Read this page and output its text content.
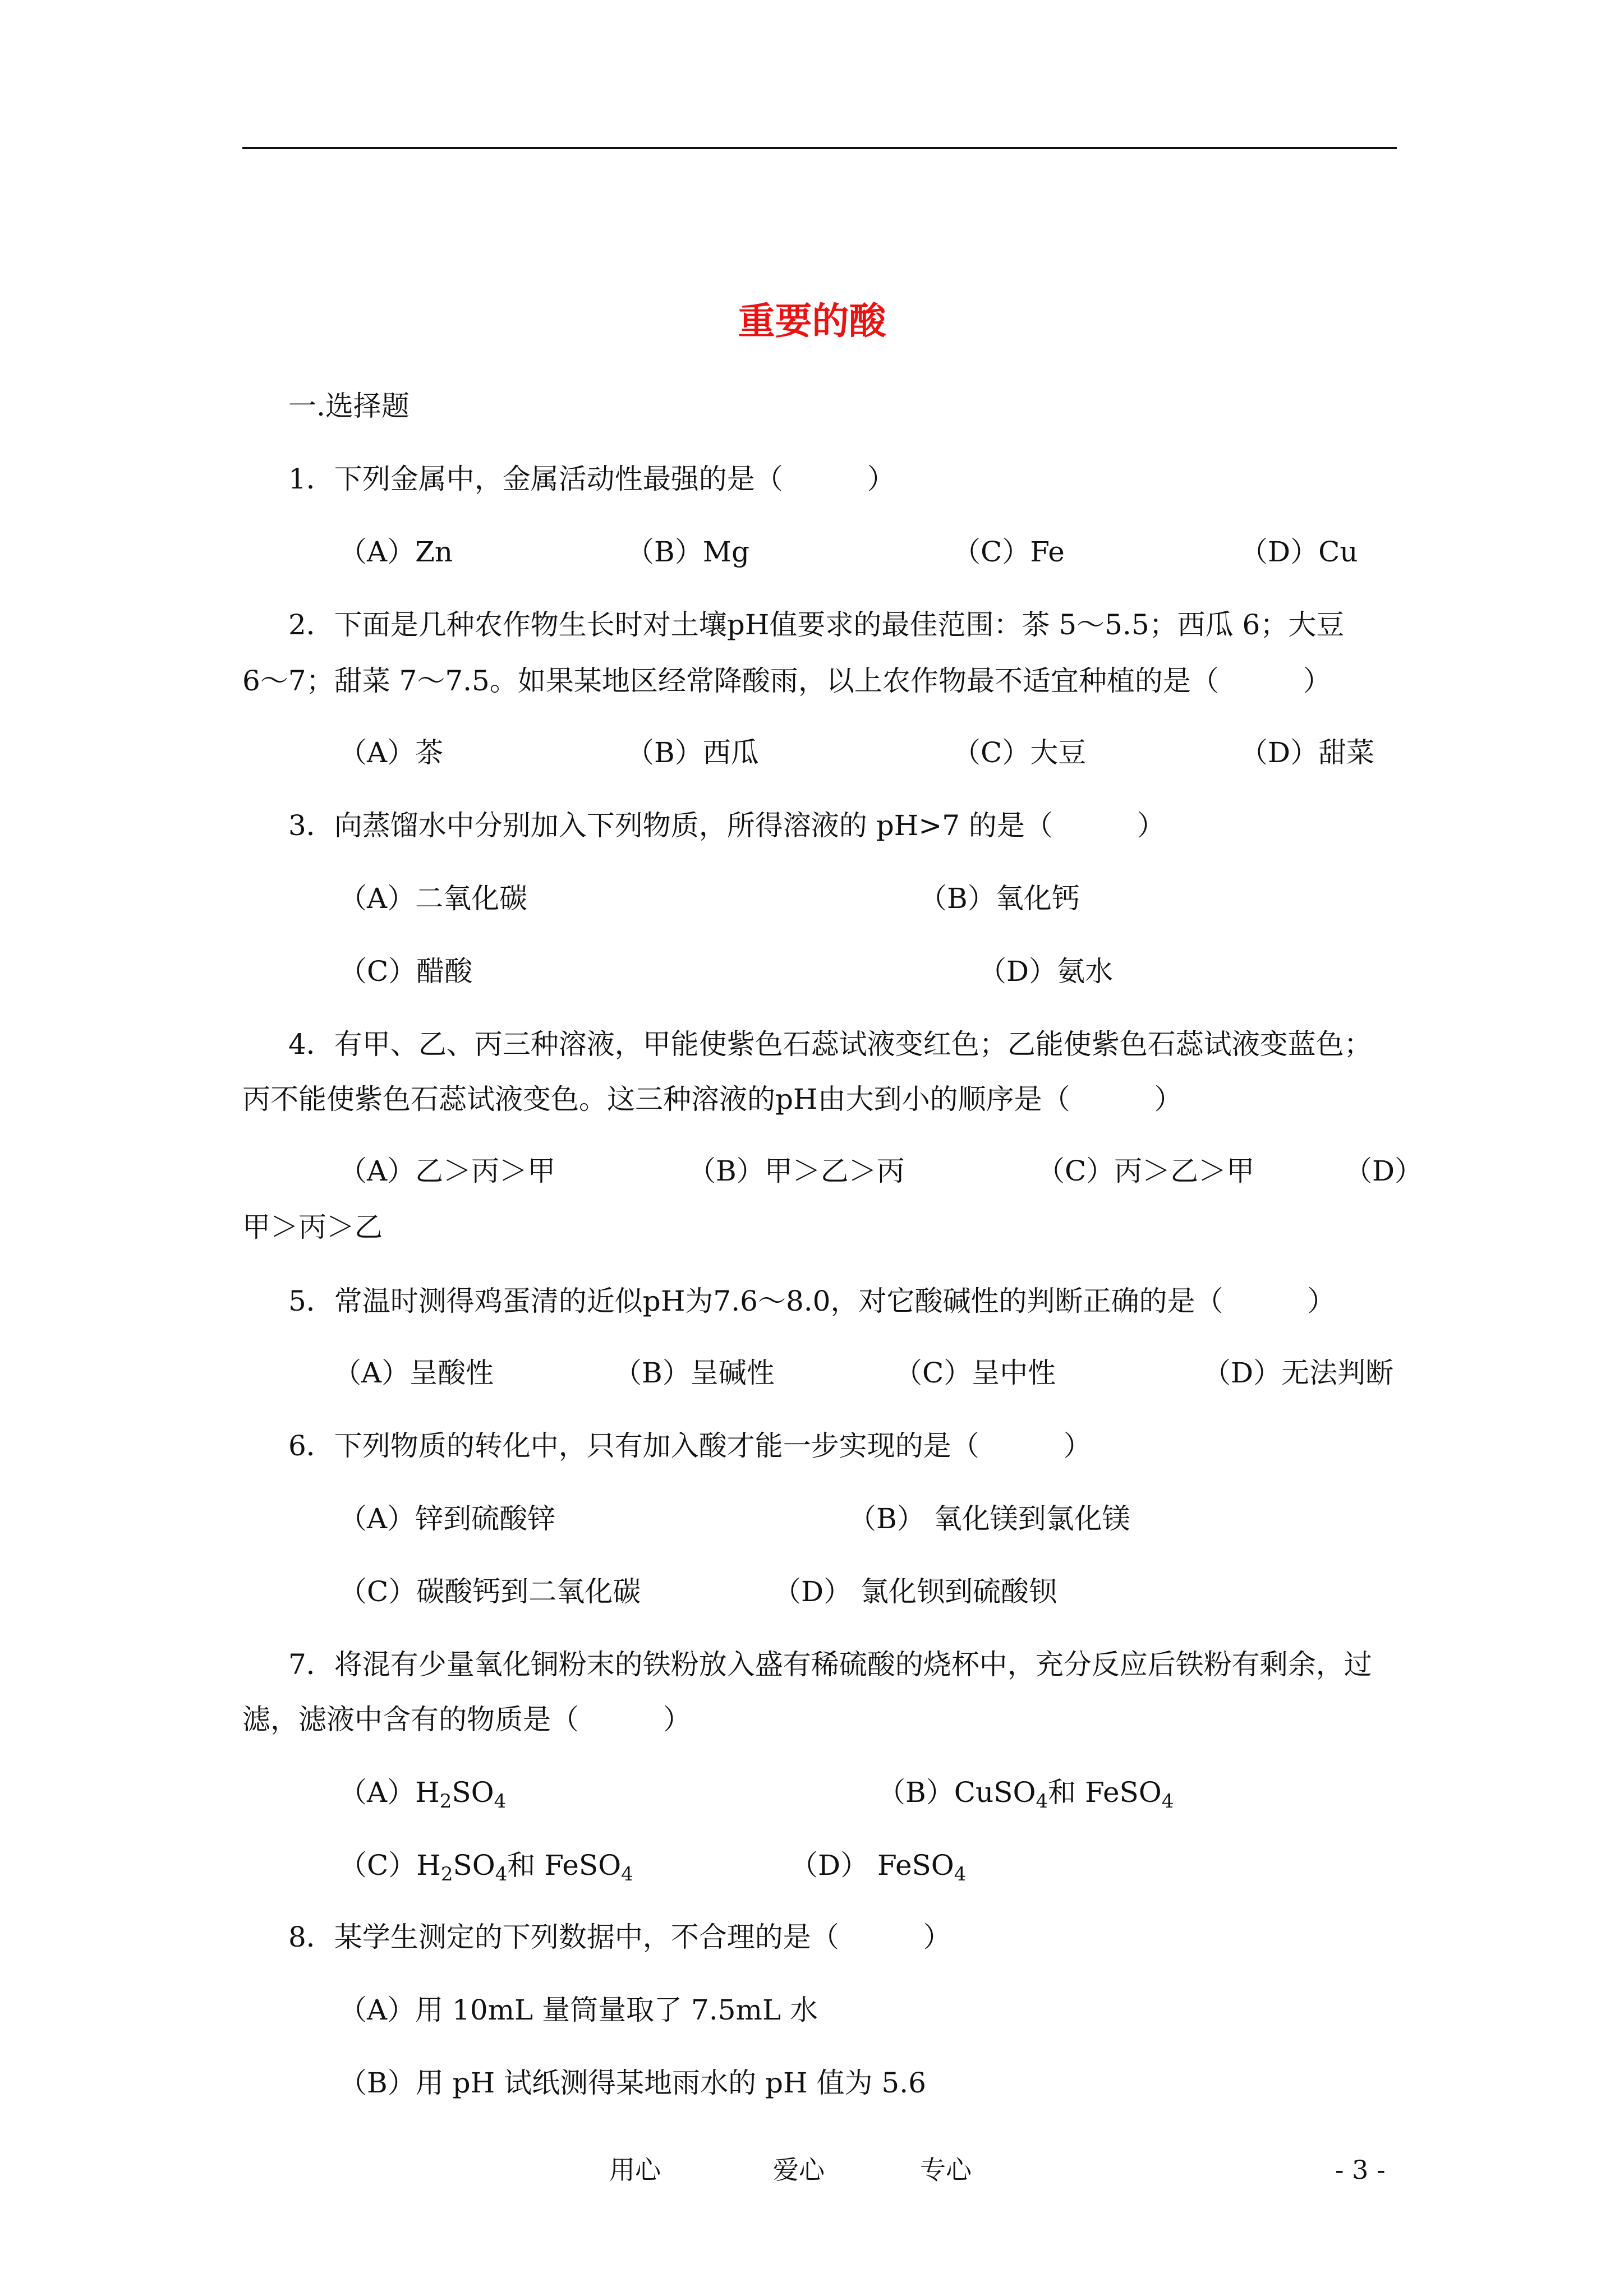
重要的酸
一.选择题
1．下列金属中，金属活动性最强的是（　　　）
（A）Zn	（B）Mg	（C）Fe	（D）Cu
2．下面是几种农作物生长时对土壤pH值要求的最佳范围：茶 5～5.5；西瓜 6；大豆
6～7；甜菜 7～7.5。如果某地区经常降酸雨，以上农作物最不适宜种植的是（　　　）
（A）茶	（B）西瓜	（C）大豆	（D）甜菜
3．向蒸馏水中分别加入下列物质，所得溶液的 pH>7 的是（　　　）
（A）二氧化碳	（B）氧化钙
（C）醋酸	（D）氨水
4．有甲、乙、丙三种溶液，甲能使紫色石蕊试液变红色；乙能使紫色石蕊试液变蓝色；
丙不能使紫色石蕊试液变色。这三种溶液的pH由大到小的顺序是（　　　）
（A）乙＞丙＞甲	（B）甲＞乙＞丙	（C）丙＞乙＞甲	（D）
甲＞丙＞乙
5．常温时测得鸡蛋清的近似pH为7.6～8.0，对它酸碱性的判断正确的是（　　　）
（A）呈酸性	（B）呈碱性	（C）呈中性	（D）无法判断
6．下列物质的转化中，只有加入酸才能一步实现的是（　　　）
（A）锌到硫酸锌	（B） 氧化镁到氯化镁
（C）碳酸钙到二氧化碳	（D） 氯化钡到硫酸钡
7．将混有少量氧化铜粉末的铁粉放入盛有稀硫酸的烧杯中，充分反应后铁粉有剩余，过
滤，滤液中含有的物质是（　　　）
$(A)H_2SO_4$	（B）CuSO$_4$和 FeSO$_4$
$(C)H_2SO_4$和 FeSO$_4$	（D） FeSO$_4$
8．某学生测定的下列数据中，不合理的是（　　　）
（A）用 10mL 量筒量取了 7.5mL 水
（B）用 pH 试纸测得某地雨水的 pH 值为 5.6
用心	爱心	专心	- 3 -
